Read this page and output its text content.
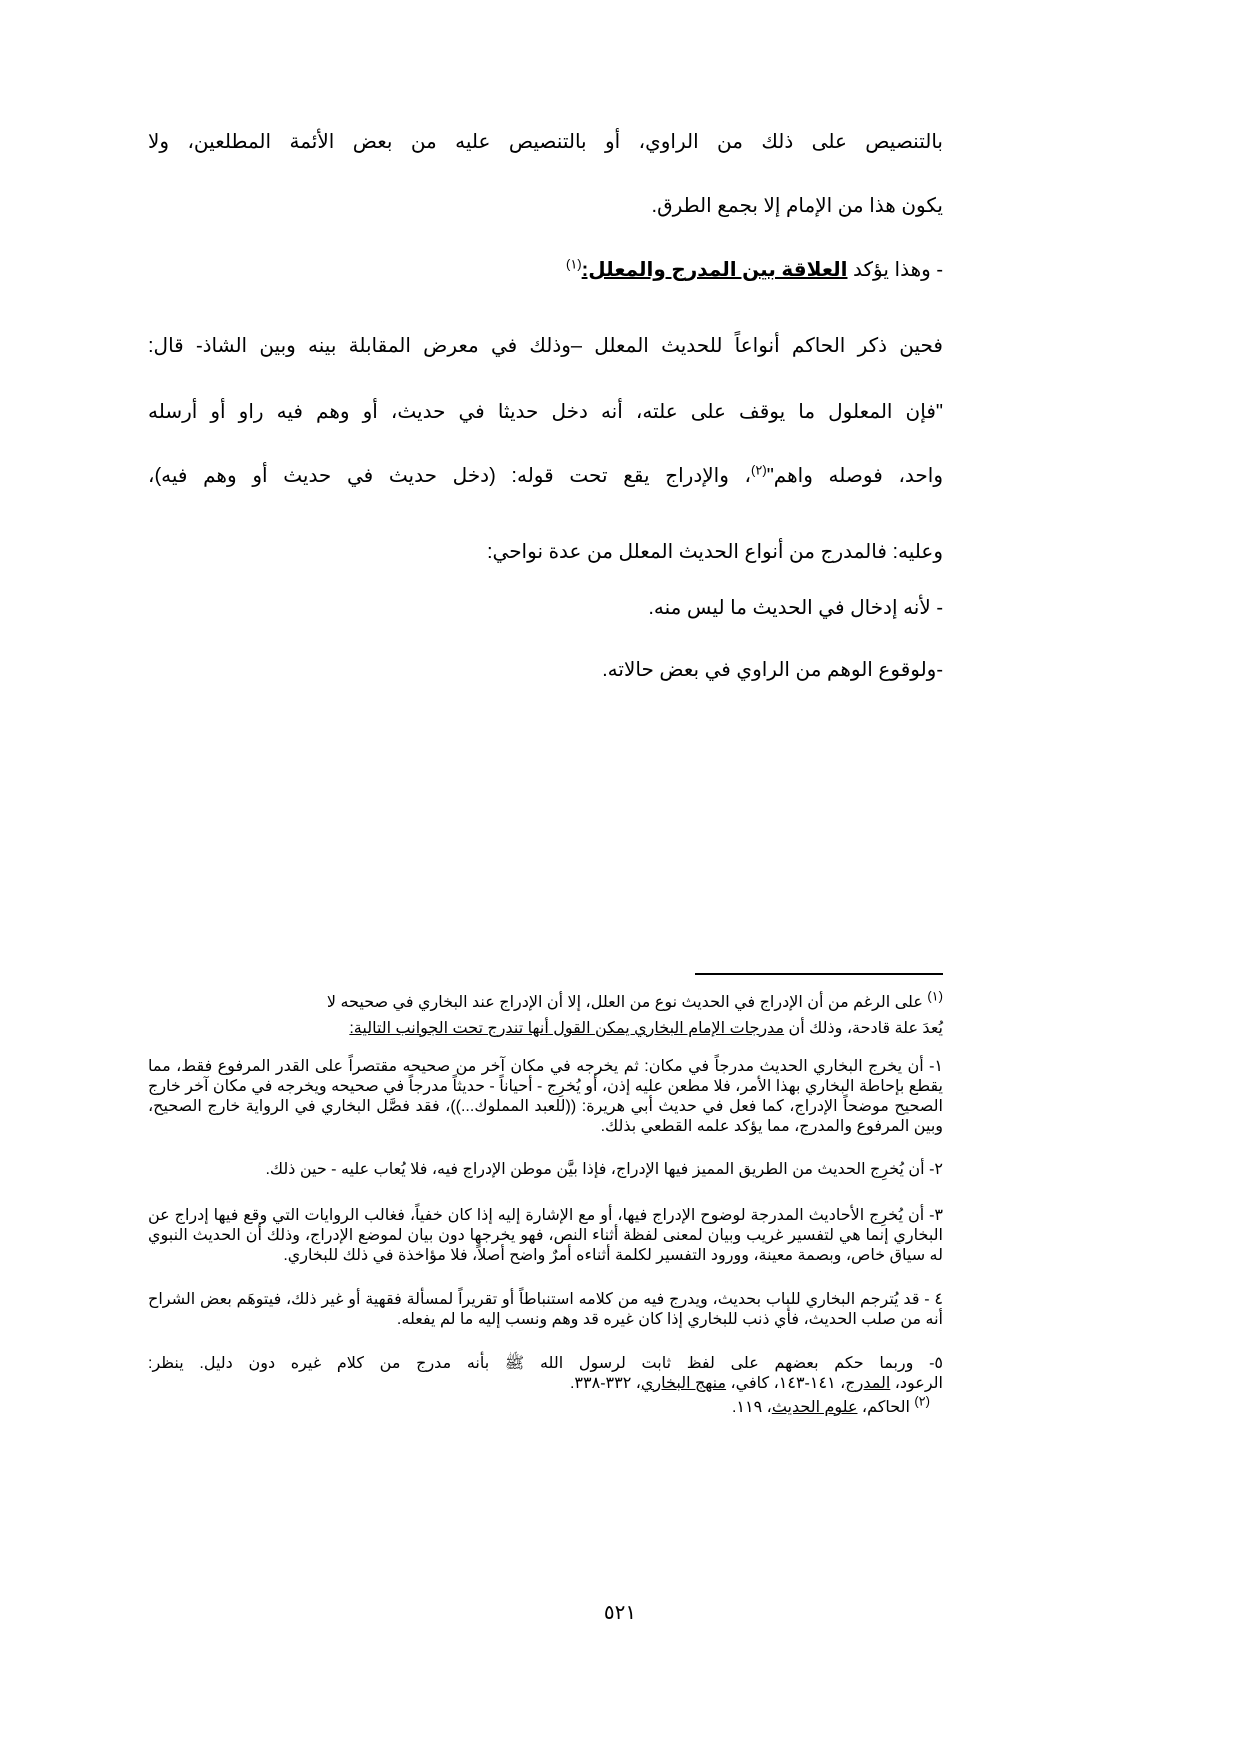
بالتنصيص على ذلك من الراوي، أو بالتنصيص عليه من بعض الأئمة المطلعين، ولا
يكون هذا من الإمام إلا بجمع الطرق.
- وهذا يؤكد العلاقة بين المدرج والمعلل:$^{(١)}$
فحين ذكر الحاكم أنواعاً للحديث المعلل –وذلك في معرض المقابلة بينه وبين الشاذ- قال:
"فإن المعلول ما يوقف على علته، أنه دخل حديثا في حديث، أو وهم فيه راو أو أرسله
واحد، فوصله واهم"$^{(٢)}$، والإدراج يقع تحت قوله: (دخل حديث في حديث أو وهم فيه)،
وعليه: فالمدرج من أنواع الحديث المعلل من عدة نواحي:
- لأنه إدخال في الحديث ما ليس منه.
-ولوقوع الوهم من الراوي في بعض حالاته.
$^{(١)}$ على الرغم من أن الإدراج في الحديث نوع من العلل، إلا أن الإدراج عند البخاري في صحيحه لا
يُعدَ علة قادحة، وذلك أن مدرجات الإمام البخاري يمكن القول أنها تندرج تحت الجوانب التالية:
١- أن يخرج البخاري الحديث مدرجاً في مكان: ثم يخرجه في مكان آخر من صحيحه مقتصراً على القدر المرفوع فقط، مما يقطع بإحاطة البخاري بهذا الأمر، فلا مطعن عليه إذن، أو يُخرِج - أحياناً - حديثاً مدرجاً في صحيحه ويخرجه في مكان آخر خارج الصحيح موضحاً الإدراج، كما فعل في حديث أبي هريرة: ((للعبد المملوك...))، فقد فصَّل البخاري في الرواية خارج الصحيح، وبين المرفوع والمدرج، مما يؤكد علمه القطعي بذلك.
٢- أن يُخرِج الحديث من الطريق المميز فيها الإدراج، فإذا بيَّن موطن الإدراج فيه، فلا يُعاب عليه - حين ذلك.
٣- أن يُخرِج الأحاديث المدرجة لوضوح الإدراج فيها، أو مع الإشارة إليه إذا كان خفياً، فغالب الروايات التي وقع فيها إدراج عن البخاري إنما هي لتفسير غريب وبيان لمعنى لفظة أثناء النص، فهو يخرجها دون بيان لموضع الإدراج، وذلك أن الحديث النبوي له سياق خاص، وبصمة معينة، وورود التفسير لكلمة أثناءه أمرٌ واضح أصلاً، فلا مؤاخذة في ذلك للبخاري.
٤ - قد يُترجم البخاري للباب بحديث، ويدرج فيه من كلامه استنباطاً أو تقريراً لمسألة فقهية أو غير ذلك، فيتوهَم بعض الشراح أنه من صلب الحديث، فأي ذنب للبخاري إذا كان غيره قد وهم ونسب إليه ما لم يفعله.
٥- وربما حكم بعضهم على لفظ ثابت لرسول الله ﷺ بأنه مدرج من كلام غيره دون دليل. ينظر:
الرعود، المدرج، ١٤١-١٤٣، كافي، منهج البخاري، ٣٣٢-٣٣٨.
$^{(٢)}$ الحاكم، علوم الحديث، ١١٩.
٥٢١
